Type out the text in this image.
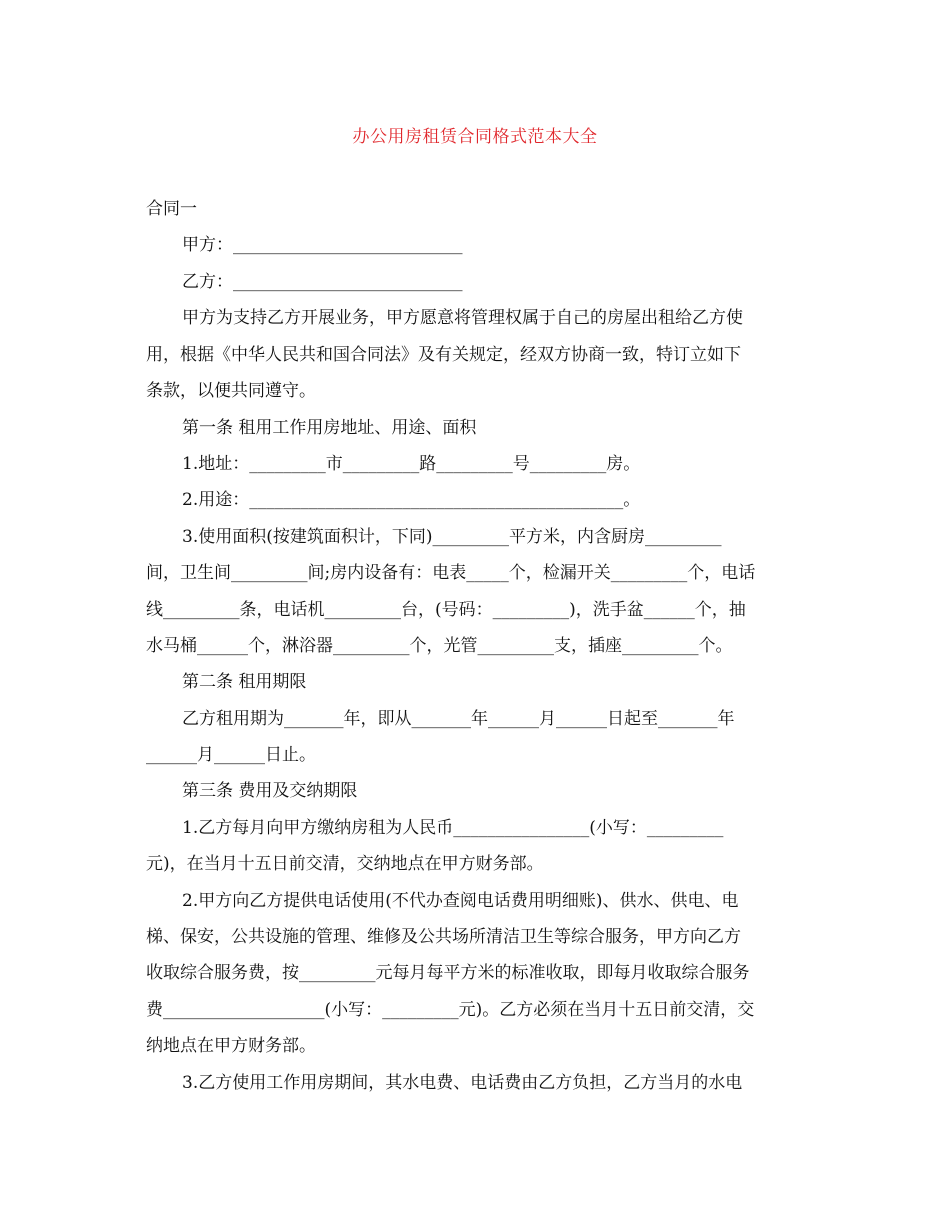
办公用房租赁合同格式范本大全
合同一
甲方：___________________________
乙方：___________________________
甲方为支持乙方开展业务，甲方愿意将管理权属于自己的房屋出租给乙方使
用，根据《中华人民共和国合同法》及有关规定，经双方协商一致，特订立如下
条款，以便共同遵守。
第一条 租用工作用房地址、用途、面积
1.地址：_________市_________路_________号_________房。
2.用途：____________________________________________。
3.使用面积(按建筑面积计，下同)_________平方米，内含厨房_________
间，卫生间_________间;房内设备有：电表_____个，检漏开关_________个，电话
线_________条，电话机_________台，(号码：_________)，洗手盆______个，抽
水马桶______个，淋浴器_________个，光管_________支，插座_________个。
第二条 租用期限
乙方租用期为_______年，即从_______年______月______日起至_______年
______月______日止。
第三条 费用及交纳期限
1.乙方每月向甲方缴纳房租为人民币________________(小写：_________
元)，在当月十五日前交清，交纳地点在甲方财务部。
2.甲方向乙方提供电话使用(不代办查阅电话费用明细账)、供水、供电、电
梯、保安，公共设施的管理、维修及公共场所清洁卫生等综合服务，甲方向乙方
收取综合服务费，按_________元每月每平方米的标准收取，即每月收取综合服务
费___________________(小写：_________元)。乙方必须在当月十五日前交清，交
纳地点在甲方财务部。
3.乙方使用工作用房期间，其水电费、电话费由乙方负担，乙方当月的水电
